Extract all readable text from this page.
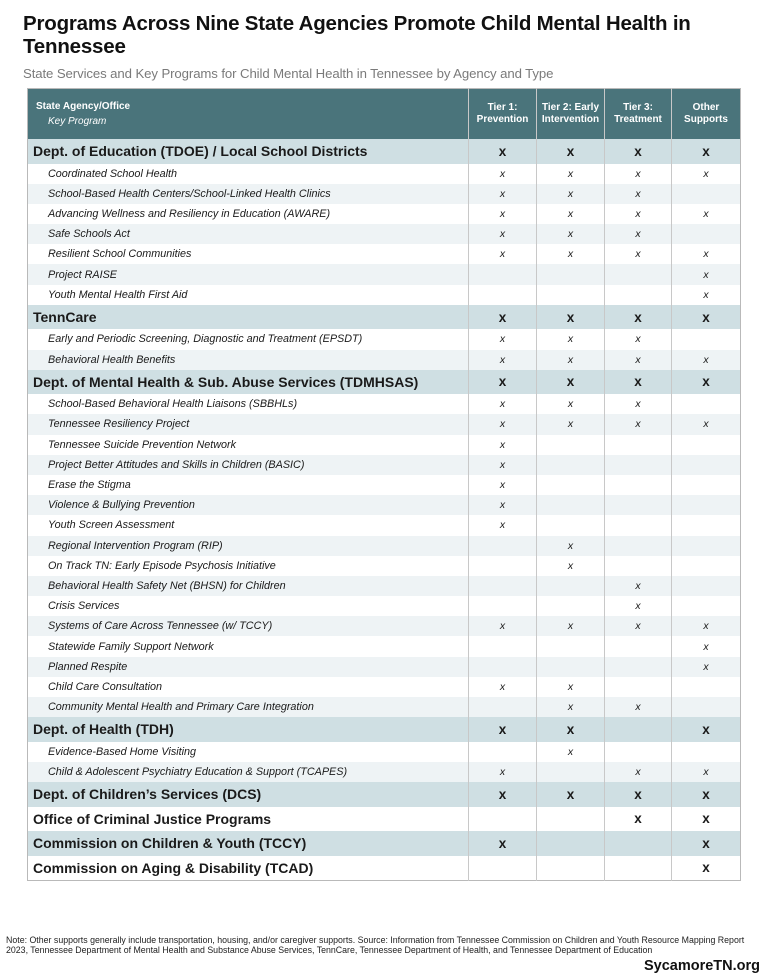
Programs Across Nine State Agencies Promote Child Mental Health in Tennessee
State Services and Key Programs for Child Mental Health in Tennessee by Agency and Type
State Agency/Office
Key Program	Tier 1: Prevention	Tier 2: Early Intervention	Tier 3: Treatment	Other Supports
Dept. of Education (TDOE) / Local School Districts	x	x	x	x
Coordinated School Health	x	x	x	x
School-Based Health Centers/School-Linked Health Clinics	x	x	x	
Advancing Wellness and Resiliency in Education (AWARE)	x	x	x	x
Safe Schools Act	x	x	x	
Resilient School Communities	x	x	x	x
Project RAISE				x
Youth Mental Health First Aid				x
TennCare	x	x	x	x
Early and Periodic Screening, Diagnostic and Treatment (EPSDT)	x	x	x	
Behavioral Health Benefits	x	x	x	x
Dept. of Mental Health & Sub. Abuse Services (TDMHSAS)	x	x	x	x
School-Based Behavioral Health Liaisons (SBBHLs)	x	x	x	
Tennessee Resiliency Project	x	x	x	x
Tennessee Suicide Prevention Network	x			
Project Better Attitudes and Skills in Children (BASIC)	x			
Erase the Stigma	x			
Violence & Bullying Prevention	x			
Youth Screen Assessment	x			
Regional Intervention Program (RIP)		x		
On Track TN: Early Episode Psychosis Initiative		x		
Behavioral Health Safety Net (BHSN) for Children			x	
Crisis Services			x	
Systems of Care Across Tennessee (w/ TCCY)	x	x	x	x
Statewide Family Support Network				x
Planned Respite				x
Child Care Consultation	x	x		
Community Mental Health and Primary Care Integration		x	x	
Dept. of Health (TDH)	x	x		x
Evidence-Based Home Visiting		x		
Child & Adolescent Psychiatry Education & Support (TCAPES)	x		x	x
Dept. of Children’s Services (DCS)	x	x	x	x
Office of Criminal Justice Programs			x	x
Commission on Children & Youth (TCCY)	x			x
Commission on Aging & Disability (TCAD)				x
Note: Other supports generally include transportation, housing, and/or caregiver supports. Source: Information from Tennessee Commission on Children and Youth Resource Mapping Report 2023, Tennessee Department of Mental Health and Substance Abuse Services, TennCare, Tennessee Department of Health, and Tennessee Department of Education
SycamoreTN.org
